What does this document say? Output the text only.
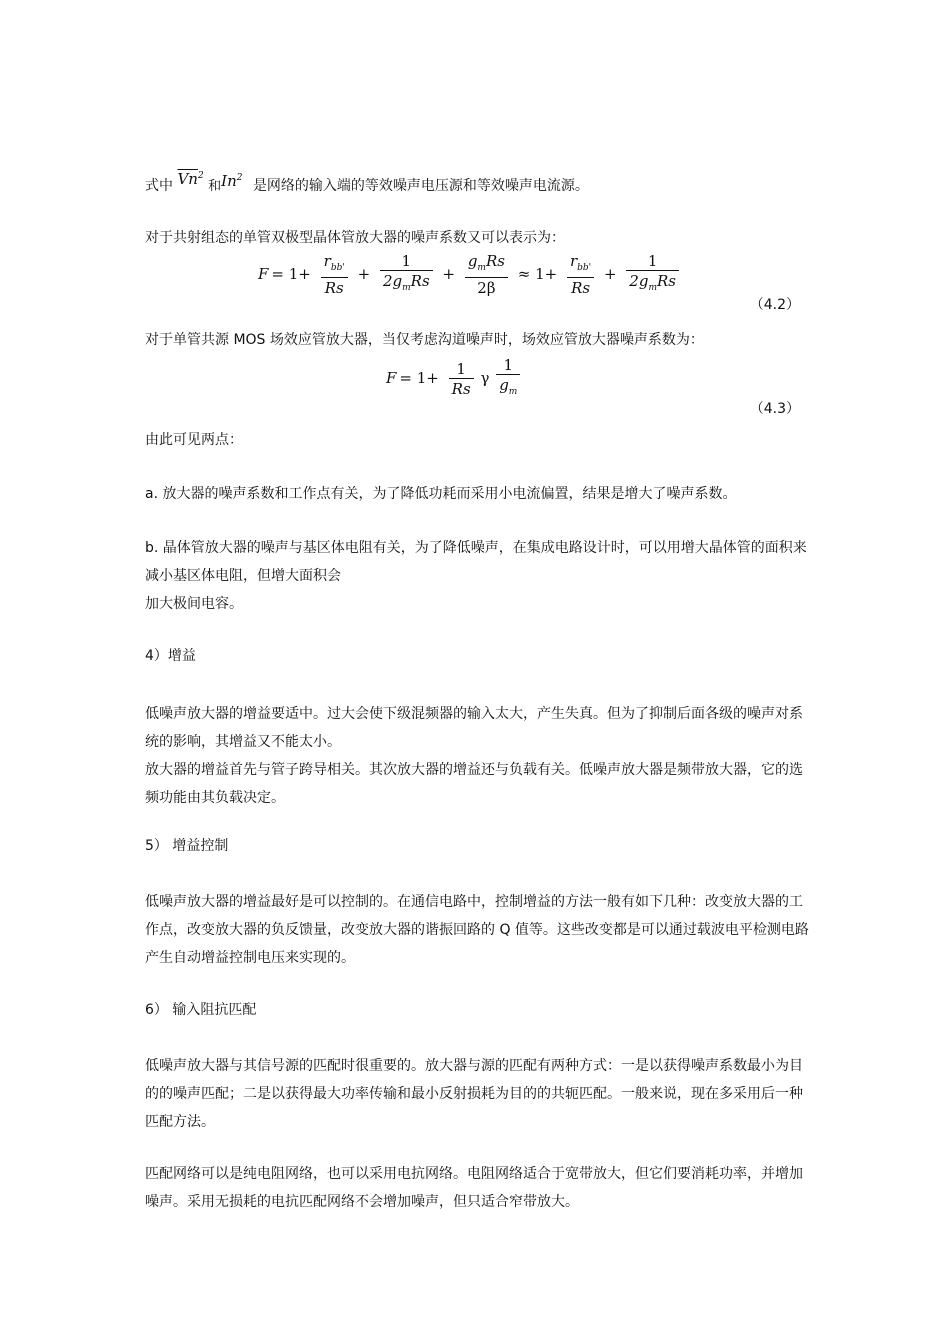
式中 $\overline{Vn}^2$ 和In$^2$ 是网络的输入端的等效噪声电压源和等效噪声电流源。
对于共射组态的单管双极型晶体管放大器的噪声系数又可以表示为：
$F = 1+ \frac{r_{bb'}}{Rs} + \frac{1}{2g_mRs} + \frac{g_mRs}{2\beta} \approx 1+ \frac{r_{bb'}}{Rs} + \frac{1}{2g_mRs}$
（4.2）
对于单管共源 MOS 场效应管放大器，当仅考虑沟道噪声时，场效应管放大器噪声系数为：
$F = 1+ \frac{1}{Rs}$ γ $\frac{1}{g_m}$
（4.3）
由此可见两点：
a. 放大器的噪声系数和工作点有关，为了降低功耗而采用小电流偏置，结果是增大了噪声系数。
b. 晶体管放大器的噪声与基区体电阻有关，为了降低噪声，在集成电路设计时，可以用增大晶体管的面积来减小基区体电阻，但增大面积会
加大极间电容。
4）增益
低噪声放大器的增益要适中。过大会使下级混频器的输入太大，产生失真。但为了抑制后面各级的噪声对系统的影响，其增益又不能太小。
放大器的增益首先与管子跨导相关。其次放大器的增益还与负载有关。低噪声放大器是频带放大器，它的选频功能由其负载决定。
5） 增益控制
低噪声放大器的增益最好是可以控制的。在通信电路中，控制增益的方法一般有如下几种：改变放大器的工作点，改变放大器的负反馈量，改变放大器的谐振回路的 Q 值等。这些改变都是可以通过载波电平检测电路产生自动增益控制电压来实现的。
6） 输入阻抗匹配
低噪声放大器与其信号源的匹配时很重要的。放大器与源的匹配有两种方式：一是以获得噪声系数最小为目的的噪声匹配；二是以获得最大功率传输和最小反射损耗为目的的共轭匹配。一般来说，现在多采用后一种匹配方法。
匹配网络可以是纯电阻网络，也可以采用电抗网络。电阻网络适合于宽带放大，但它们要消耗功率，并增加噪声。采用无损耗的电抗匹配网络不会增加噪声，但只适合窄带放大。
